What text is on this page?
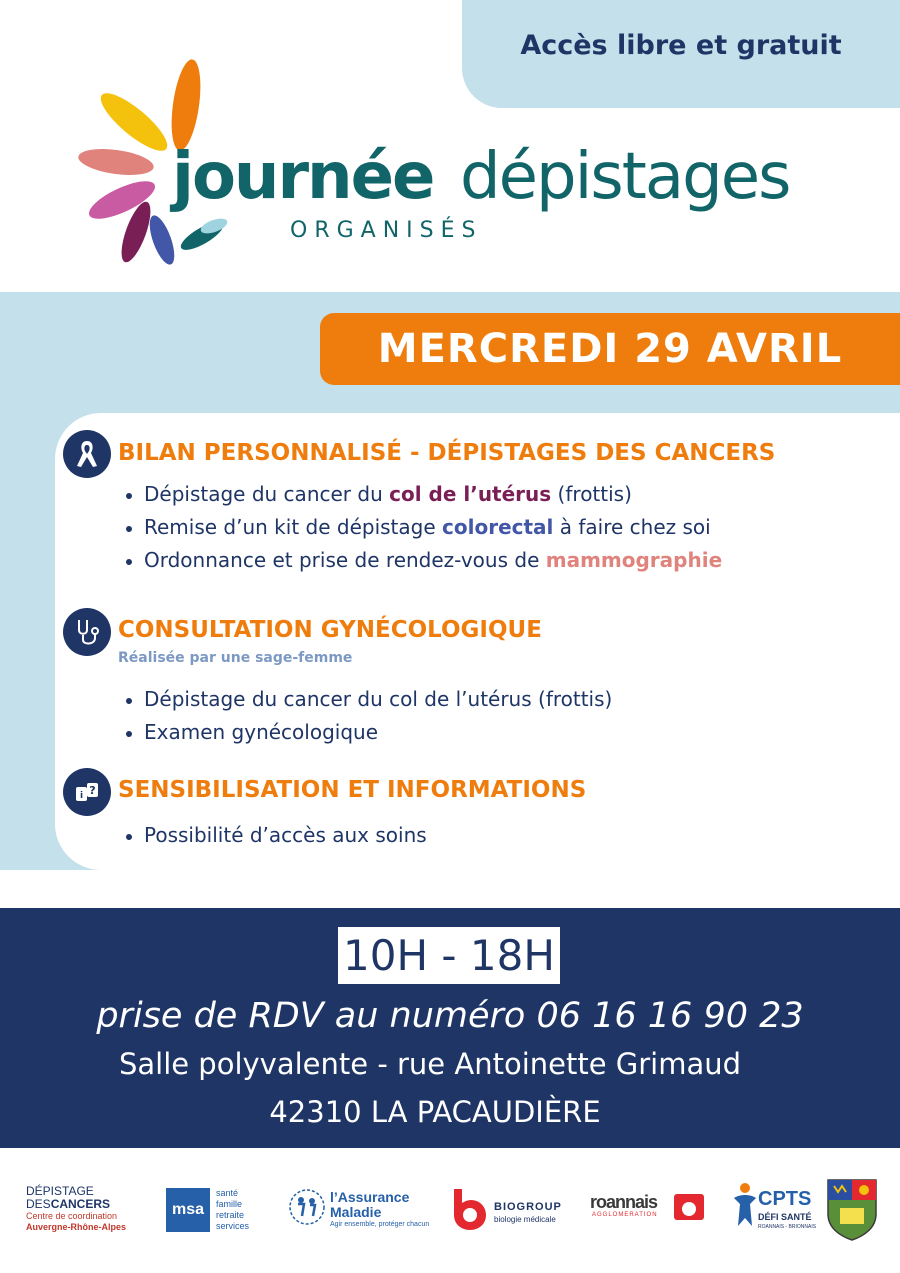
Accès libre et gratuit
journée dépistages
ORGANISÉS
MERCREDI 29 AVRIL
BILAN PERSONNALISÉ - DÉPISTAGES DES CANCERS
Dépistage du cancer du col de l’utérus (frottis)
Remise d’un kit de dépistage colorectal à faire chez soi
Ordonnance et prise de rendez-vous de mammographie
CONSULTATION GYNÉCOLOGIQUE
Réalisée par une sage-femme
Dépistage du cancer du col de l’utérus (frottis)
Examen gynécologique
?
i SENSIBILISATION ET INFORMATIONS
Possibilité d’accès aux soins
10H - 18H
prise de RDV au numéro 06 16 16 90 23
Salle polyvalente - rue Antoinette Grimaud
42310 LA PACAUDIÈRE
DÉPISTAGE
DESCANCERS
Centre de coordination
Auvergne-Rhône-Alpes
msa
santé
famille
retraite
services
l’Assurance
Maladie
Agir ensemble, protéger chacun
BIOGROUP
biologie médicale
roannais
AGGLOMERATION
CPTS
DÉFI SANTÉ
ROANNAIS - BRIONNAIS
